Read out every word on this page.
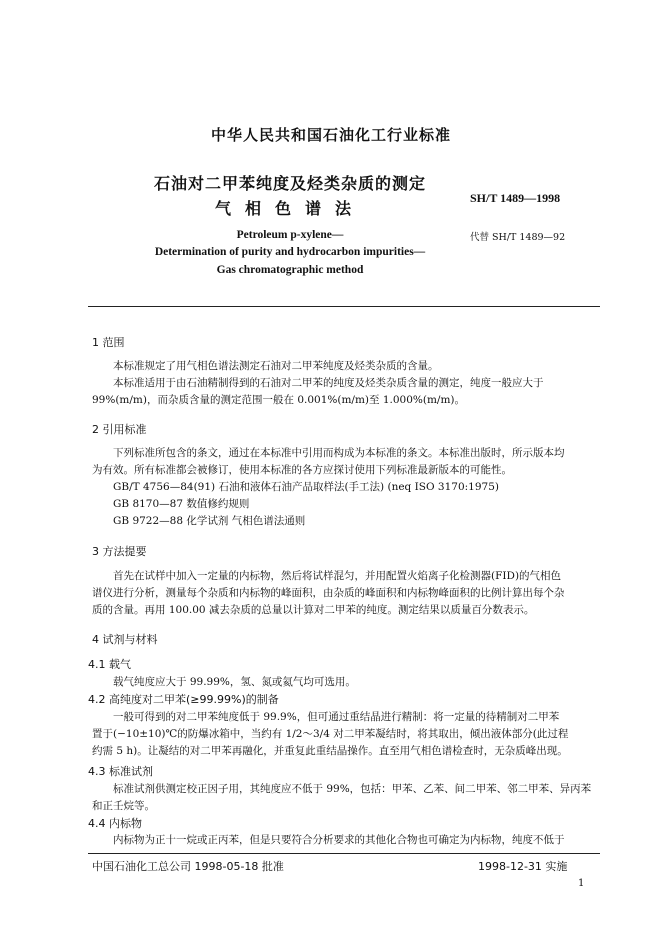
中华人民共和国石油化工行业标准
石油对二甲苯纯度及烃类杂质的测定
气相色谱法
SH/T 1489—1998
代替 SH/T 1489—92
Petroleum p-xylene—
Determination of purity and hydrocarbon impurities—
Gas chromatographic method
1 范围
本标准规定了用气相色谱法测定石油对二甲苯纯度及烃类杂质的含量。
本标准适用于由石油精制得到的石油对二甲苯的纯度及烃类杂质含量的测定，纯度一般应大于
99%(m/m)，而杂质含量的测定范围一般在 0.001%(m/m)至 1.000%(m/m)。
2 引用标准
下列标准所包含的条文，通过在本标准中引用而构成为本标准的条文。本标准出版时，所示版本均
为有效。所有标准都会被修订，使用本标准的各方应探讨使用下列标准最新版本的可能性。
GB/T 4756—84(91) 石油和液体石油产品取样法(手工法) (neq ISO 3170:1975)
GB 8170—87 数值修约规则
GB 9722—88 化学试剂 气相色谱法通则
3 方法提要
首先在试样中加入一定量的内标物，然后将试样混匀，并用配置火焰离子化检测器(FID)的气相色
谱仪进行分析，测量每个杂质和内标物的峰面积，由杂质的峰面积和内标物峰面积的比例计算出每个杂
质的含量。再用 100.00 减去杂质的总量以计算对二甲苯的纯度。测定结果以质量百分数表示。
4 试剂与材料
4.1 载气
载气纯度应大于 99.99%，氢、氮或氦气均可选用。
4.2 高纯度对二甲苯(≥99.99%)的制备
一般可得到的对二甲苯纯度低于 99.9%，但可通过重结晶进行精制：将一定量的待精制对二甲苯
置于(−10±10)℃的防爆冰箱中，当约有 1/2～3/4 对二甲苯凝结时，将其取出，倾出液体部分(此过程
约需 5 h)。让凝结的对二甲苯再融化，并重复此重结晶操作。直至用气相色谱检查时，无杂质峰出现。
4.3 标准试剂
标准试剂供测定校正因子用，其纯度应不低于 99%，包括：甲苯、乙苯、间二甲苯、邻二甲苯、异丙苯
和正壬烷等。
4.4 内标物
内标物为正十一烷或正丙苯，但是只要符合分析要求的其他化合物也可确定为内标物，纯度不低于
中国石油化工总公司 1998-05-18 批准	1998-12-31 实施
1
